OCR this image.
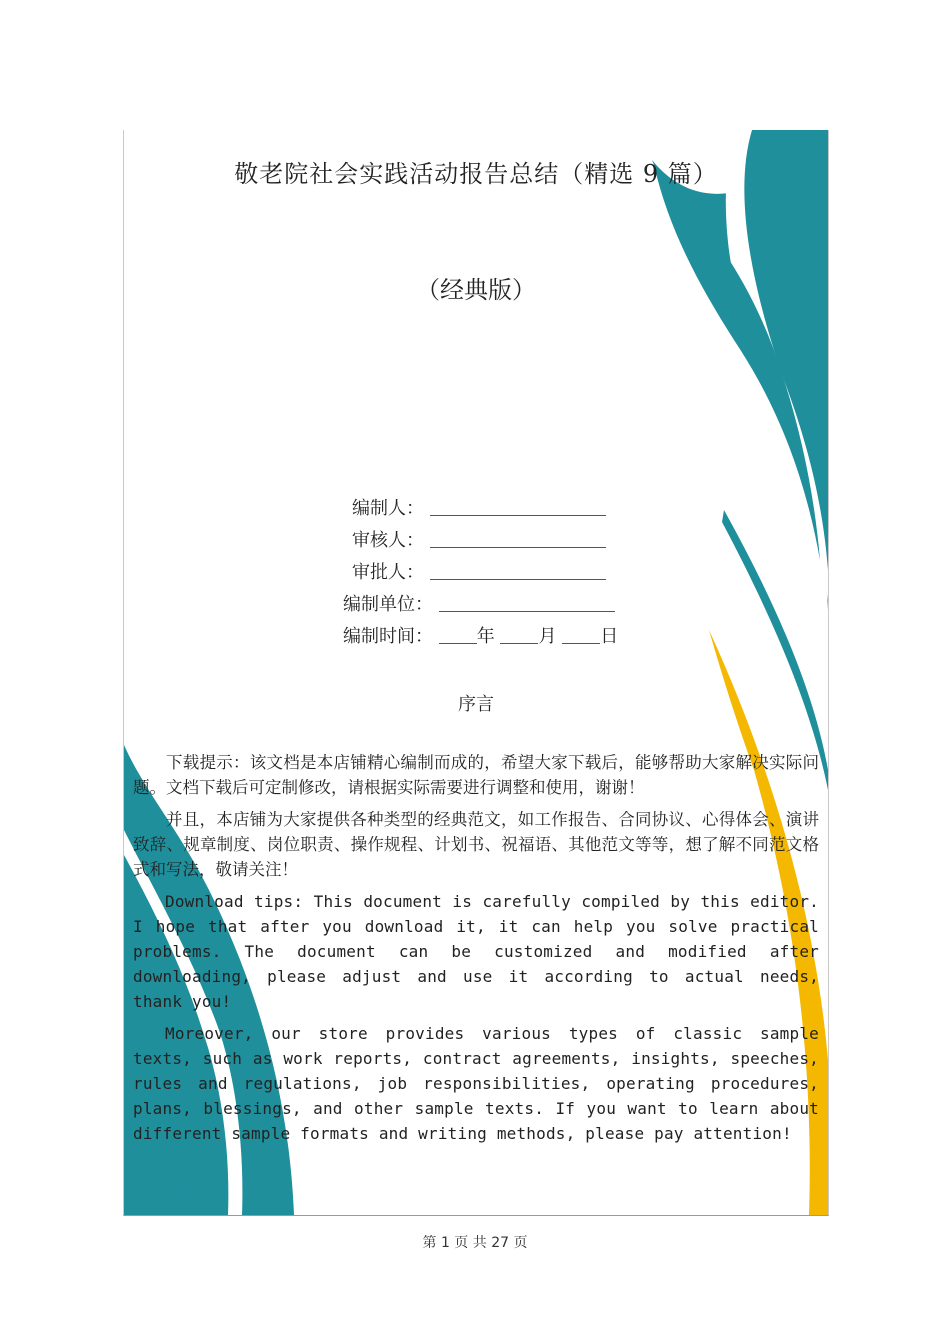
敬老院社会实践活动报告总结（精选 9 篇）
（经典版）
编制人：
审核人：
审批人：
编制单位：
编制时间： 年 月 日
序言

下载提示：该文档是本店铺精心编制而成的，希望大家下载后，能够帮助大家解决实际问题。文档下载后可定制修改，请根据实际需要进行调整和使用，谢谢！

并且，本店铺为大家提供各种类型的经典范文，如工作报告、合同协议、心得体会、演讲致辞、规章制度、岗位职责、操作规程、计划书、祝福语、其他范文等等，想了解不同范文格式和写法，敬请关注！

Download tips: This document is carefully compiled by this editor. I hope that after you download it, it can help you solve practical problems. The document can be customized and modified after downloading, please adjust and use it according to actual needs, thank you!

Moreover, our store provides various types of classic sample texts, such as work reports, contract agreements, insights, speeches, rules and regulations, job responsibilities, operating procedures, plans, blessings, and other sample texts. If you want to learn about different sample formats and writing methods, please pay attention!

第 1 页 共 27 页
